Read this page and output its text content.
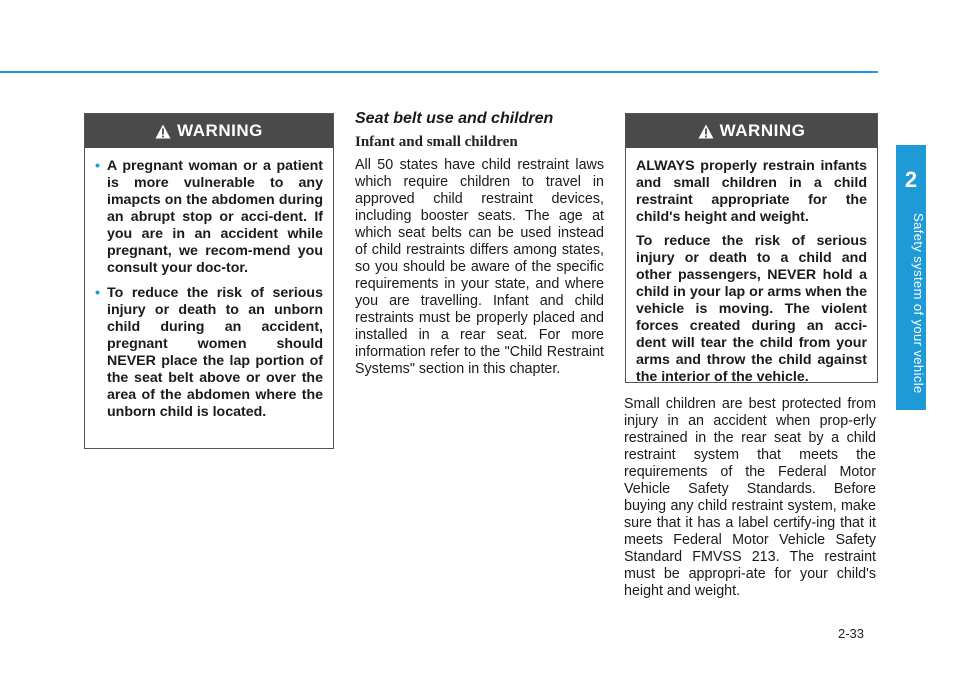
2
Safety system of your vehicle
WARNING
• A pregnant woman or a patient is more vulnerable to any imapcts on the abdomen during an abrupt stop or acci-dent. If you are in an accident while pregnant, we recom-mend you consult your doc-tor.
• To reduce the risk of serious injury or death to an unborn child during an accident, pregnant women should NEVER place the lap portion of the seat belt above or over the area of the abdomen where the unborn child is located.
Seat belt use and children
Infant and small children

All 50 states have child restraint laws which require children to travel in approved child restraint devices, including booster seats. The age at which seat belts can be used instead of child restraints differs among states, so you should be aware of the specific requirements in your state, and where you are travelling. Infant and child restraints must be properly placed and installed in a rear seat. For more information refer to the "Child Restraint Systems" section in this chapter.

WARNING

ALWAYS properly restrain infants and small children in a child restraint appropriate for the child's height and weight.

To reduce the risk of serious injury or death to a child and other passengers, NEVER hold a child in your lap or arms when the vehicle is moving. The violent forces created during an acci-dent will tear the child from your arms and throw the child against the interior of the vehicle.

Small children are best protected from injury in an accident when prop-erly restrained in the rear seat by a child restraint system that meets the requirements of the Federal Motor Vehicle Safety Standards. Before buying any child restraint system, make sure that it has a label certify-ing that it meets Federal Motor Vehicle Safety Standard FMVSS 213. The restraint must be appropri-ate for your child's height and weight.

2-33
